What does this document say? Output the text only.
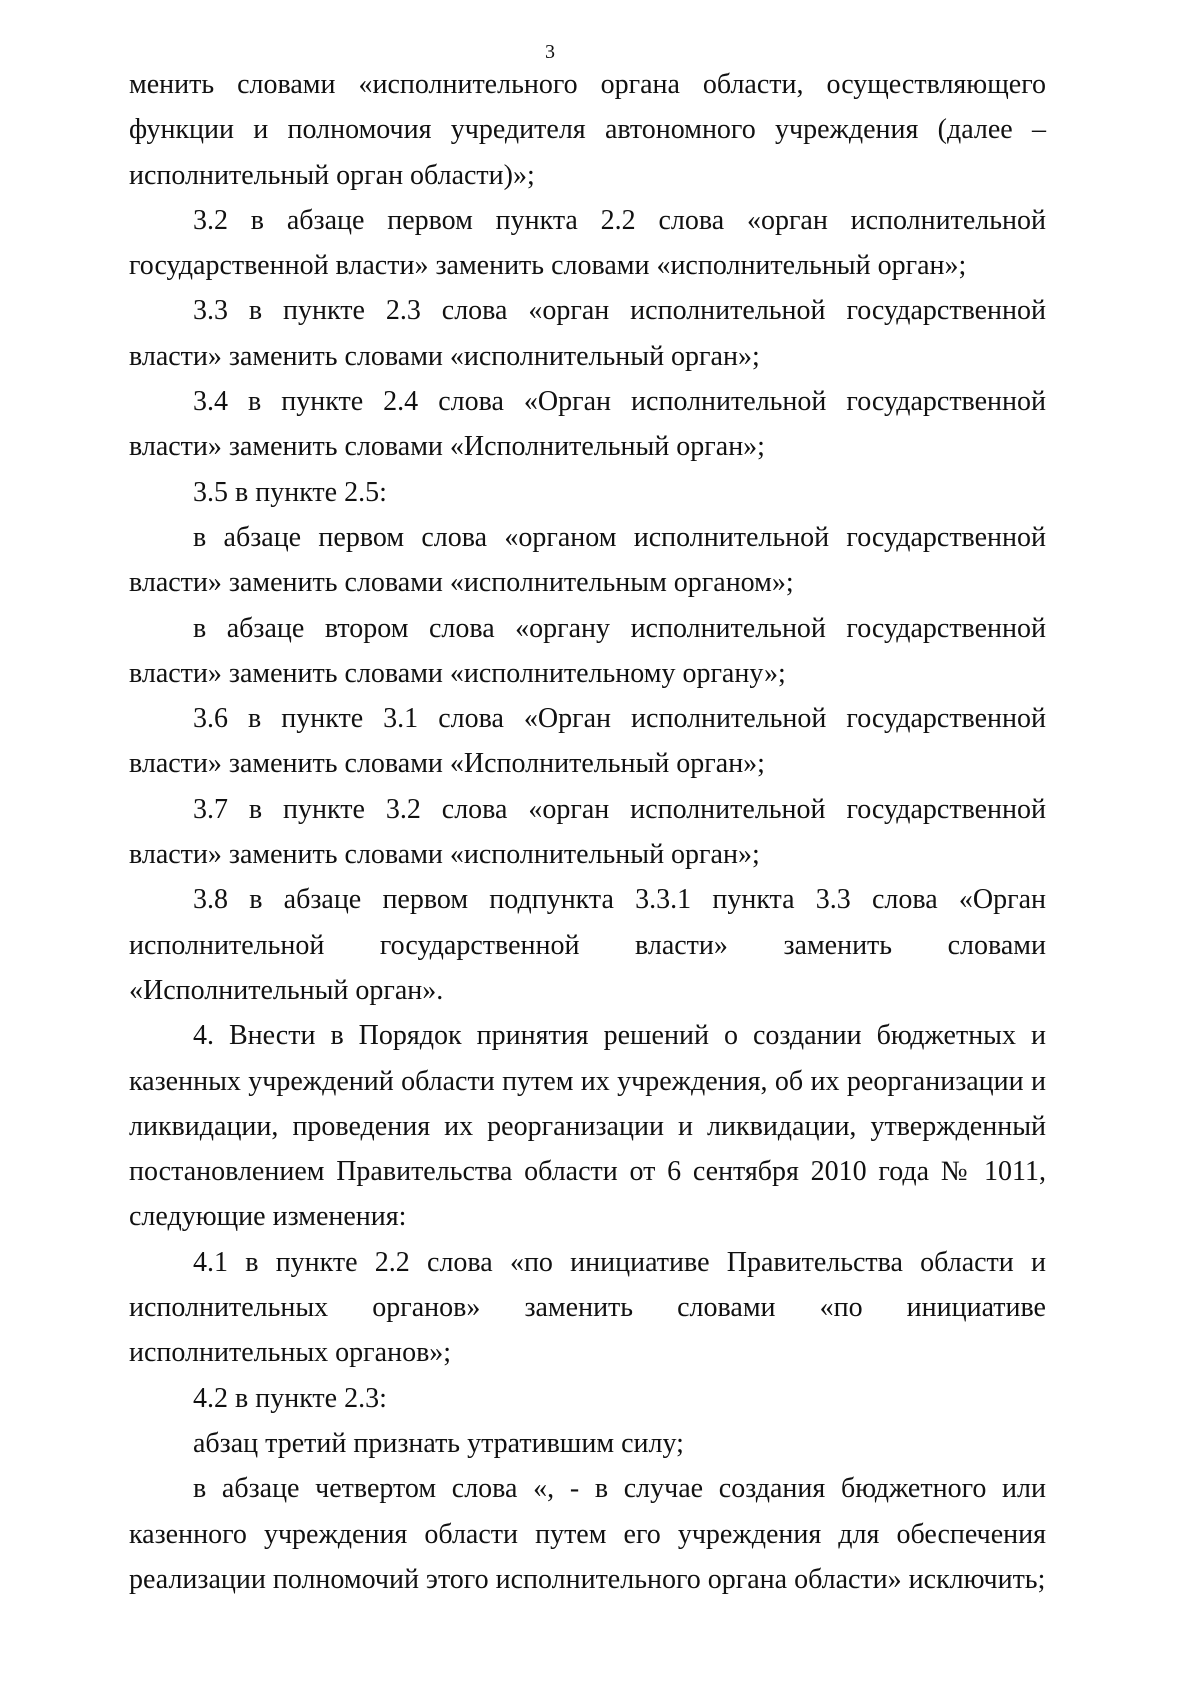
3

менить словами «исполнительного органа области, осуществляющего функции и полномочия учредителя автономного учреждения (далее – исполнительный орган области)»;

3.2 в абзаце первом пункта 2.2 слова «орган исполнительной государственной власти» заменить словами «исполнительный орган»;

3.3 в пункте 2.3 слова «орган исполнительной государственной власти» заменить словами «исполнительный орган»;

3.4 в пункте 2.4 слова «Орган исполнительной государственной власти» заменить словами «Исполнительный орган»;

3.5 в пункте 2.5:

в абзаце первом слова «органом исполнительной государственной власти» заменить словами «исполнительным органом»;

в абзаце втором слова «органу исполнительной государственной власти» заменить словами «исполнительному органу»;

3.6 в пункте 3.1 слова «Орган исполнительной государственной власти» заменить словами «Исполнительный орган»;

3.7 в пункте 3.2 слова «орган исполнительной государственной власти» заменить словами «исполнительный орган»;

3.8 в абзаце первом подпункта 3.3.1 пункта 3.3 слова «Орган исполнительной государственной власти» заменить словами «Исполнительный орган».

4. Внести в Порядок принятия решений о создании бюджетных и казенных учреждений области путем их учреждения, об их реорганизации и ликвидации, проведения их реорганизации и ликвидации, утвержденный постановлением Правительства области от 6 сентября 2010 года № 1011, следующие изменения:

4.1 в пункте 2.2 слова «по инициативе Правительства области и исполнительных органов» заменить словами «по инициативе исполнительных органов»;

4.2 в пункте 2.3:

абзац третий признать утратившим силу;

в абзаце четвертом слова «, - в случае создания бюджетного или казенного учреждения области путем его учреждения для обеспечения реализации полномочий этого исполнительного органа области» исключить;
